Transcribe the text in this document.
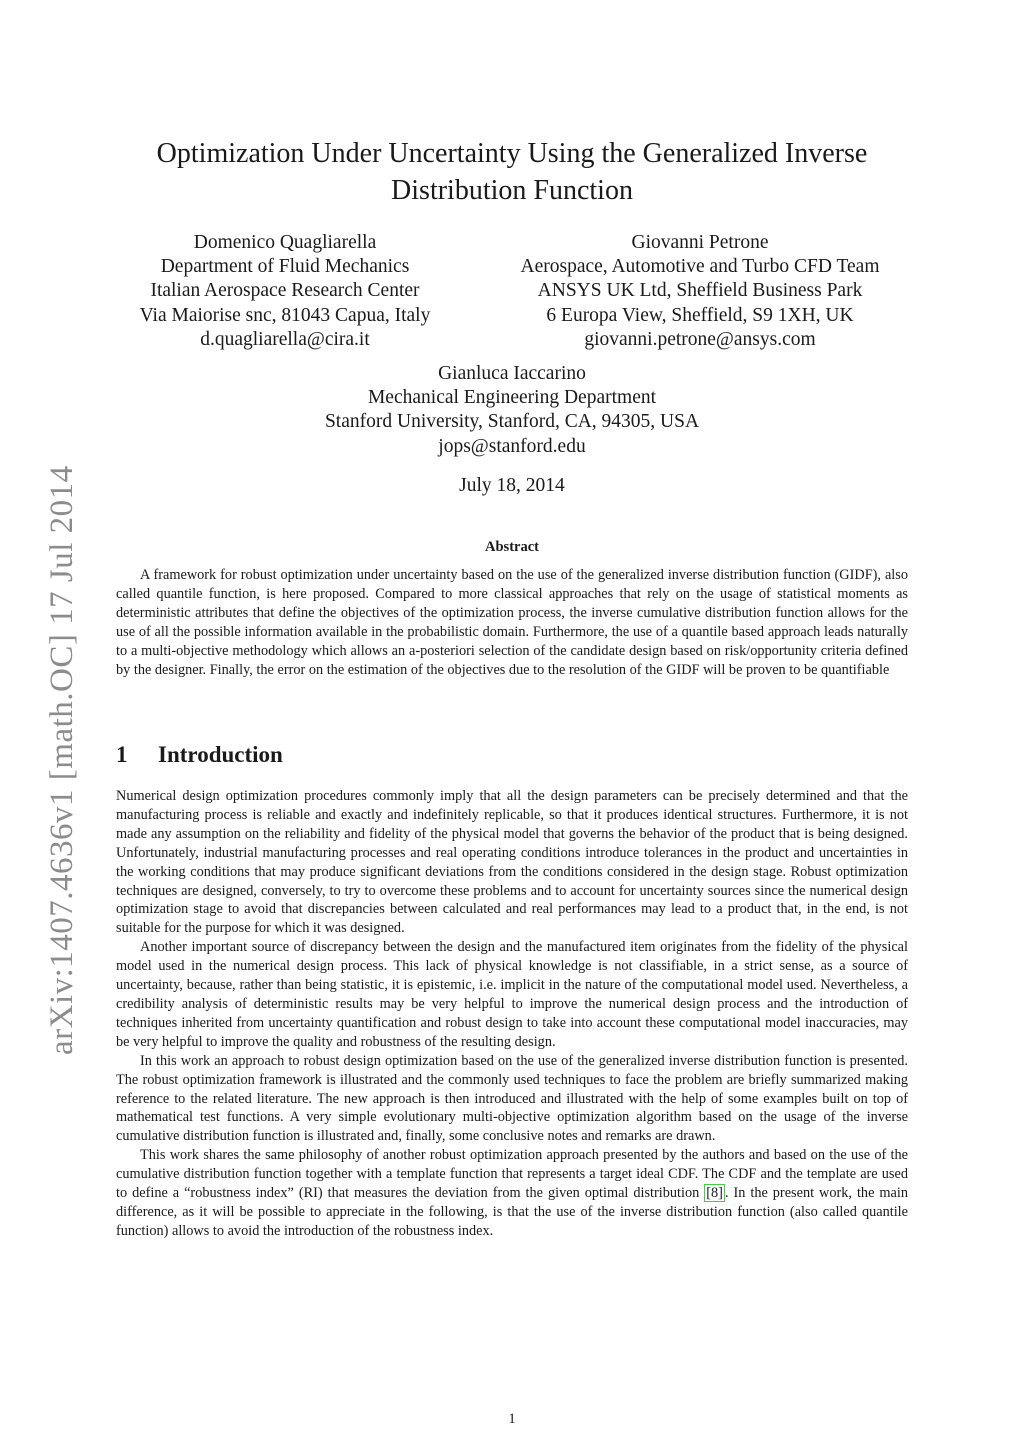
arXiv:1407.4636v1 [math.OC] 17 Jul 2014
Optimization Under Uncertainty Using the Generalized Inverse
Distribution Function
Domenico Quagliarella
Department of Fluid Mechanics
Italian Aerospace Research Center
Via Maiorise snc, 81043 Capua, Italy
d.quagliarella@cira.it
Giovanni Petrone
Aerospace, Automotive and Turbo CFD Team
ANSYS UK Ltd, Sheffield Business Park
6 Europa View, Sheffield, S9 1XH, UK
giovanni.petrone@ansys.com
Gianluca Iaccarino
Mechanical Engineering Department
Stanford University, Stanford, CA, 94305, USA
jops@stanford.edu
July 18, 2014
Abstract

A framework for robust optimization under uncertainty based on the use of the generalized inverse distribution function (GIDF), also called quantile function, is here proposed. Compared to more classical approaches that rely on the usage of statistical moments as deterministic attributes that define the objectives of the optimization process, the inverse cumulative distribution function allows for the use of all the possible information available in the probabilistic domain. Furthermore, the use of a quantile based approach leads naturally to a multi-objective methodology which allows an a-posteriori selection of the candidate design based on risk/opportunity criteria defined by the designer. Finally, the error on the estimation of the objectives due to the resolution of the GIDF will be proven to be quantifiable

1 Introduction

Numerical design optimization procedures commonly imply that all the design parameters can be precisely determined and that the manufacturing process is reliable and exactly and indefinitely replicable, so that it produces identical structures. Furthermore, it is not made any assumption on the reliability and fidelity of the physical model that governs the behavior of the product that is being designed. Unfortunately, industrial manufacturing processes and real operating conditions introduce tolerances in the product and uncertainties in the working conditions that may produce significant deviations from the conditions considered in the design stage. Robust optimization techniques are designed, conversely, to try to overcome these problems and to account for uncertainty sources since the numerical design optimization stage to avoid that discrepancies between calculated and real performances may lead to a product that, in the end, is not suitable for the purpose for which it was designed.

Another important source of discrepancy between the design and the manufactured item originates from the fidelity of the physical model used in the numerical design process. This lack of physical knowledge is not classifiable, in a strict sense, as a source of uncertainty, because, rather than being statistic, it is epistemic, i.e. implicit in the nature of the computational model used. Nevertheless, a credibility analysis of deterministic results may be very helpful to improve the numerical design process and the introduction of techniques inherited from uncertainty quantification and robust design to take into account these computational model inaccuracies, may be very helpful to improve the quality and robustness of the resulting design.

In this work an approach to robust design optimization based on the use of the generalized inverse distribution function is presented. The robust optimization framework is illustrated and the commonly used techniques to face the problem are briefly summarized making reference to the related literature. The new approach is then introduced and illustrated with the help of some examples built on top of mathematical test functions. A very simple evolutionary multi-objective optimization algorithm based on the usage of the inverse cumulative distribution function is illustrated and, finally, some conclusive notes and remarks are drawn.

This work shares the same philosophy of another robust optimization approach presented by the authors and based on the use of the cumulative distribution function together with a template function that represents a target ideal CDF. The CDF and the template are used to define a “robustness index” (RI) that measures the deviation from the given optimal distribution [8] . In the present work, the main difference, as it will be possible to appreciate in the following, is that the use of the inverse distribution function (also called quantile function) allows to avoid the introduction of the robustness index.

1
